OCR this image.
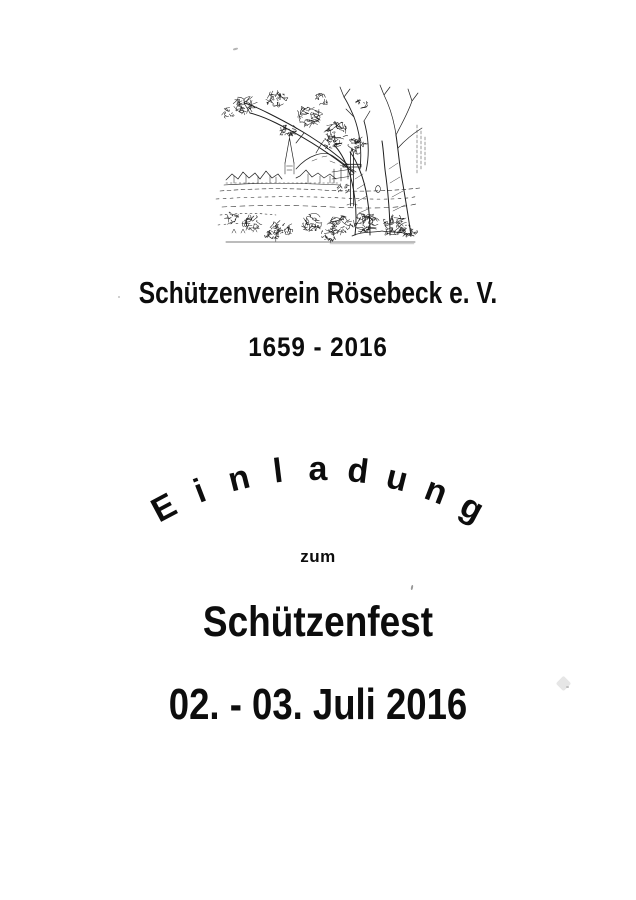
Schützenverein Rösebeck e. V.
1659 - 2016
E i n l a d u n g
zum
Schützenfest
02. - 03. Juli 2016
